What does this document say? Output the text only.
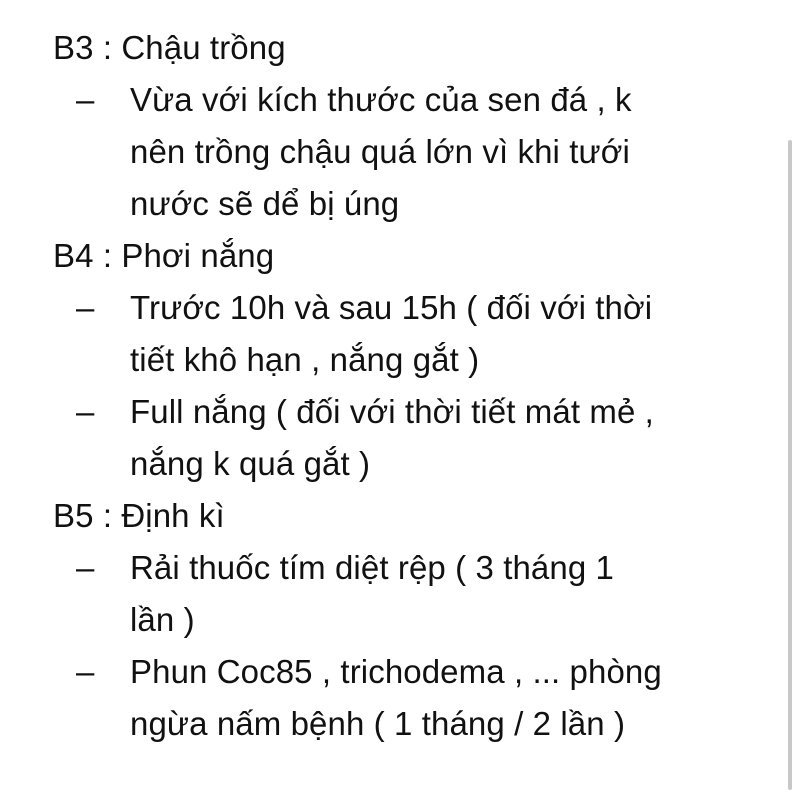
B3 : Chậu trồng
– Vừa với kích thước của sen đá , k
nên trồng chậu quá lớn vì khi tưới
nước sẽ dể bị úng
B4 : Phơi nắng
– Trước 10h và sau 15h ( đối với thời
tiết khô hạn , nắng gắt )
– Full nắng ( đối với thời tiết mát mẻ ,
nắng k quá gắt )
B5 : Định kì
– Rải thuốc tím diệt rệp ( 3 tháng 1
lần )
– Phun Coc85 , trichodema , ... phòng
ngừa nấm bệnh ( 1 tháng / 2 lần )
